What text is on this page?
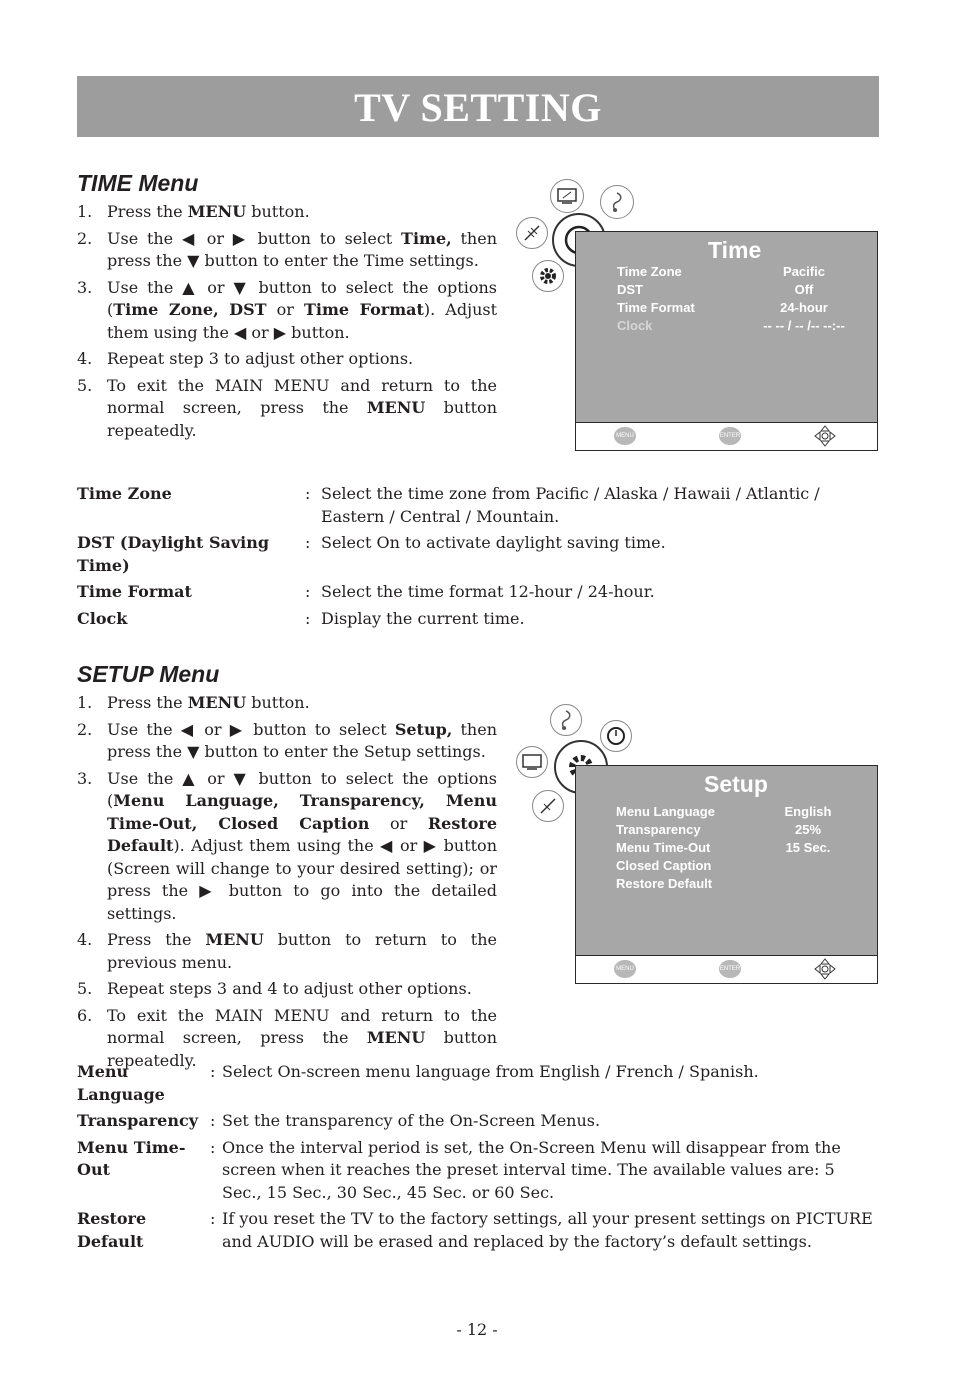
TV SETTING
TIME Menu
1. Press the MENU button.
2. Use the ◀ or ▶ button to select Time, then press the ▼ button to enter the Time settings.
3. Use the ▲ or ▼ button to select the options (Time Zone, DST or Time Format). Adjust them using the ◀ or ▶ button.
4. Repeat step 3 to adjust other options.
5. To exit the MAIN MENU and return to the normal screen, press the MENU button repeatedly.
Time
Time Zone	Pacific
DST	Off
Time Format	24-hour
Clock	-- -- / -- /-- --:--
MENU	ENTER
Time Zone	: Select the time zone from Pacific / Alaska / Hawaii / Atlantic / Eastern / Central / Mountain.
DST (Daylight Saving Time)
: Select On to activate daylight saving time.
Time Format	: Select the time format 12-hour / 24-hour.
Clock	: Display the current time.
SETUP Menu
1. Press the MENU button.
2. Use the ◀ or ▶ button to select Setup, then press the ▼ button to enter the Setup settings.
3. Use the ▲ or ▼ button to select the options (Menu Language, Transparency, Menu Time-Out, Closed Caption or Restore Default). Adjust them using the ◀ or ▶ button (Screen will change to your desired setting); or press the ▶ button to go into the detailed settings.
4. Press the MENU button to return to the previous menu.
5. Repeat steps 3 and 4 to adjust other options.
6. To exit the MAIN MENU and return to the normal screen, press the MENU button repeatedly.
Setup
Menu Language	English
Transparency	25%
Menu Time-Out	15 Sec.
Closed Caption
Restore Default
MENU	ENTER
Menu Language
: Select On-screen menu language from English / French / Spanish.
Transparency : Set the transparency of the On-Screen Menus.
Menu Time-Out
: Once the interval period is set, the On-Screen Menu will disappear from the screen when it reaches the preset interval time. The available values are: 5 Sec., 15 Sec., 30 Sec., 45 Sec. or 60 Sec.
Restore Default
: If you reset the TV to the factory settings, all your present settings on PICTURE and AUDIO will be erased and replaced by the factory’s default settings.
- 12 -
